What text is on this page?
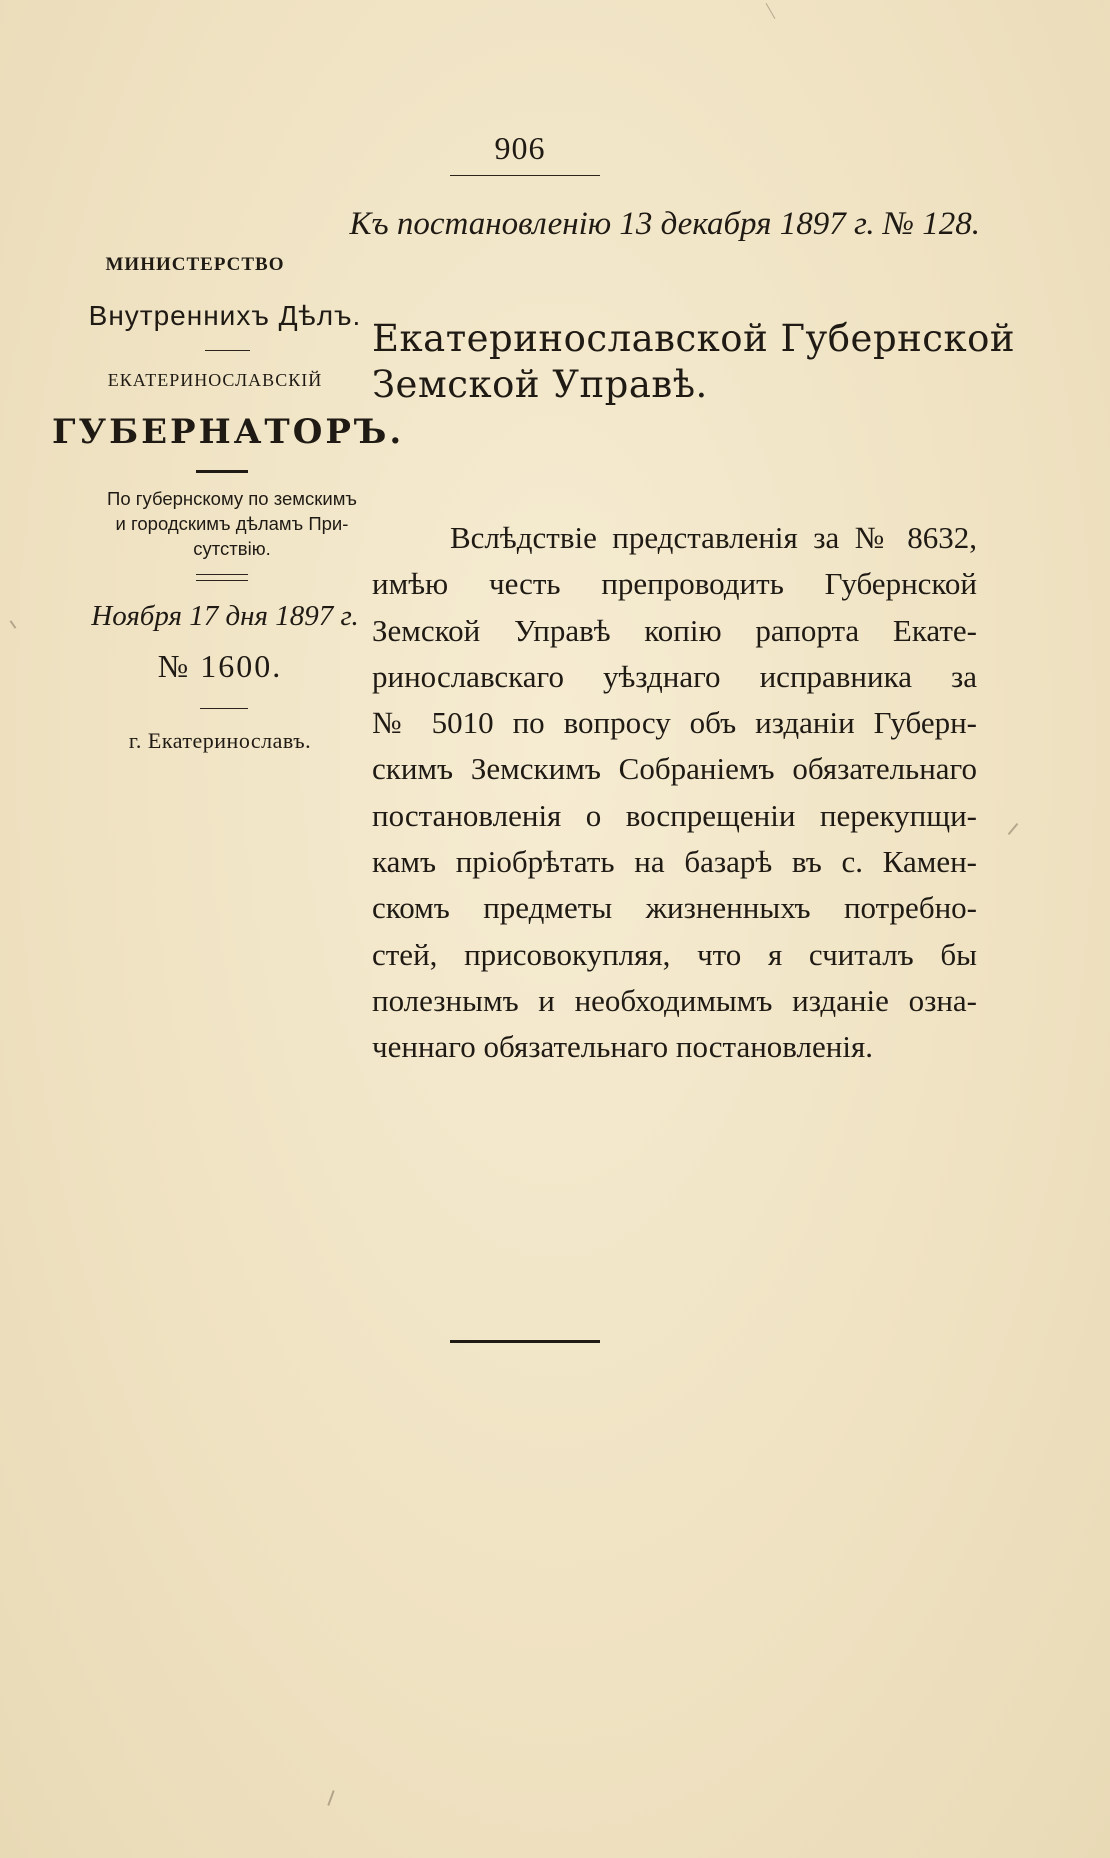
906
Къ постановленію 13 декабря 1897 г. № 128.
МИНИСТЕРСТВО
Внутреннихъ Дѣлъ.
ЕКАТЕРИНОСЛАВСКІЙ
ГУБЕРНАТОРЪ.
По губернскому по земскимъ
и городскимъ дѣламъ При-
сутствію.
Ноября 17 дня 1897 г.
№ 1600.
г. Екатеринославъ.
Екатеринославской Губернской
Земской Управѣ.
Вслѣдствіе представленія за № 8632,
имѣю честь препроводить Губернской
Земской Управѣ копію рапорта Екате-
ринославскаго уѣзднаго исправника за
№ 5010 по вопросу объ изданіи Губерн-
скимъ Земскимъ Собраніемъ обязательнаго
постановленія о воспрещеніи перекупщи-
камъ пріобрѣтать на базарѣ въ с. Камен-
скомъ предметы жизненныхъ потребно-
стей, присовокупляя, что я считалъ бы
полезнымъ и необходимымъ изданіе озна-
ченнаго обязательнаго постановленія.
